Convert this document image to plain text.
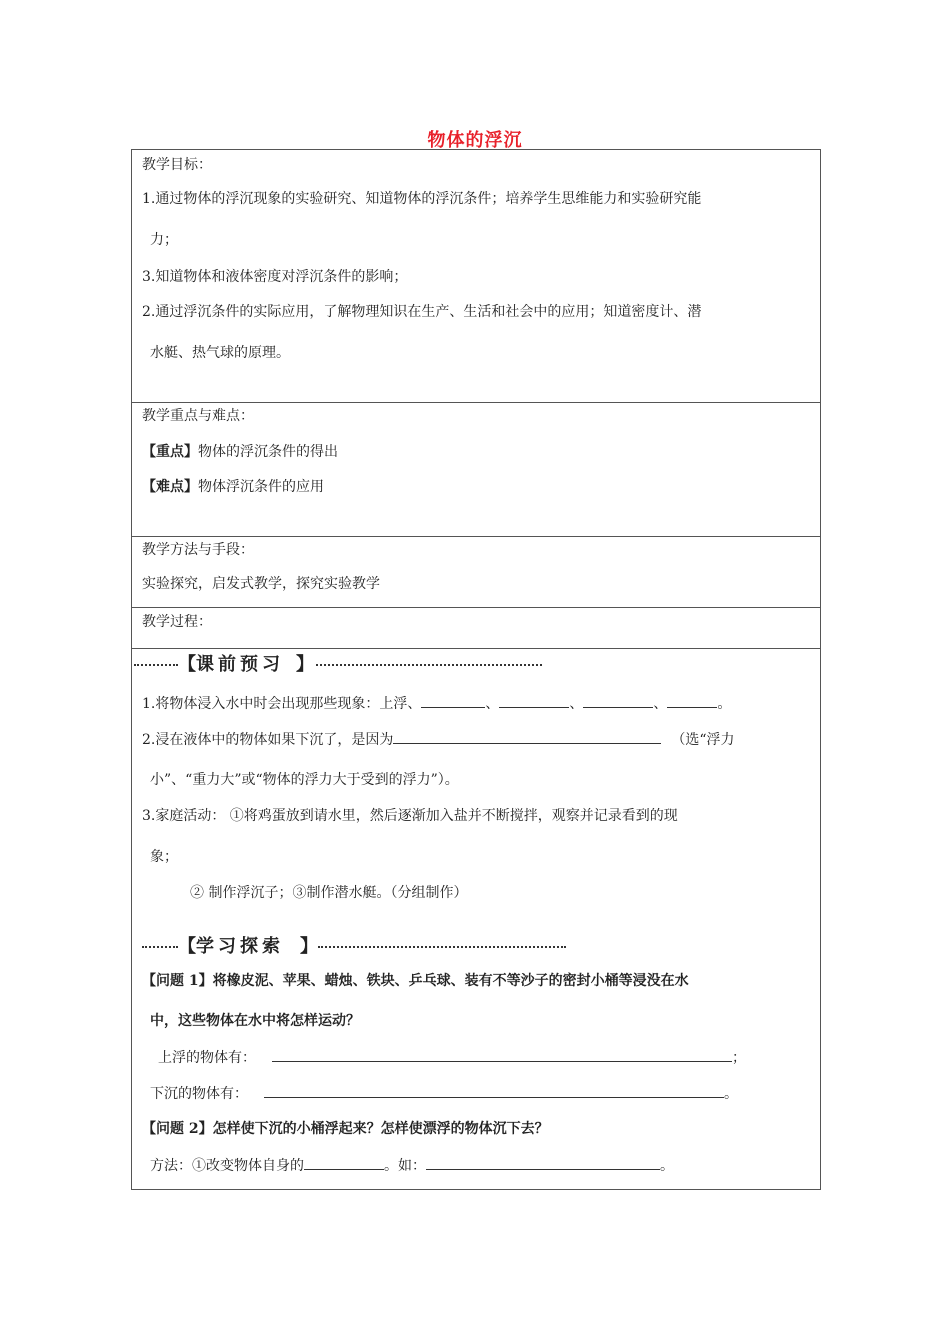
物体的浮沉
教学目标：
1.通过物体的浮沉现象的实验研究、知道物体的浮沉条件；培养学生思维能力和实验研究能
力；
3.知道物体和液体密度对浮沉条件的影响；
2.通过浮沉条件的实际应用，了解物理知识在生产、生活和社会中的应用；知道密度计、潜
水艇、热气球的原理。
教学重点与难点：
【重点】物体的浮沉条件的得出
【难点】物体浮沉条件的应用
教学方法与手段：
实验探究，启发式教学，探究实验教学
教学过程：
【 课前预习 】
1.将物体浸入水中时会出现那些现象：上浮、	、	、	、	。
2.浸在液体中的物体如果下沉了，是因为	（选“浮力
小”、“重力大”或“物体的浮力大于受到的浮力”）。
3.家庭活动： ①将鸡蛋放到请水里，然后逐渐加入盐并不断搅拌，观察并记录看到的现
象；
② 制作浮沉子；③制作潜水艇。（分组制作）
【 学习探索 】
【问题 1】将橡皮泥、苹果、蜡烛、铁块、乒乓球、装有不等沙子的密封小桶等浸没在水
中，这些物体在水中将怎样运动？
上浮的物体有：	；
下沉的物体有：	。
【问题 2】怎样使下沉的小桶浮起来？怎样使漂浮的物体沉下去？
方法：①改变物体自身的	。如：	。
